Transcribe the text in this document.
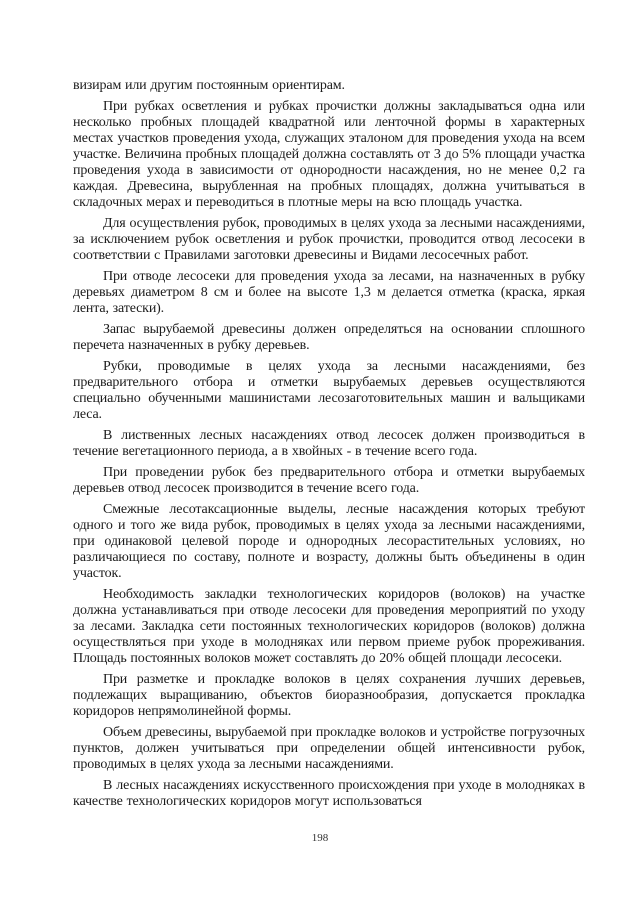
визирам или другим постоянным ориентирам.

При рубках осветления и рубках прочистки должны закладываться одна или несколько пробных площадей квадратной или ленточной формы в характерных местах участков проведения ухода, служащих эталоном для проведения ухода на всем участке. Величина пробных площадей должна составлять от 3 до 5% площади участка проведения ухода в зависимости от однородности насаждения, но не менее 0,2 га каждая. Древесина, вырубленная на пробных площадях, должна учитываться в складочных мерах и переводиться в плотные меры на всю площадь участка.

Для осуществления рубок, проводимых в целях ухода за лесными насаждениями, за исключением рубок осветления и рубок прочистки, проводится отвод лесосеки в соответствии с Правилами заготовки древесины и Видами лесосечных работ.

При отводе лесосеки для проведения ухода за лесами, на назначенных в рубку деревьях диаметром 8 см и более на высоте 1,3 м делается отметка (краска, яркая лента, затески).

Запас вырубаемой древесины должен определяться на основании сплошного перечета назначенных в рубку деревьев.

Рубки, проводимые в целях ухода за лесными насаждениями, без предварительного отбора и отметки вырубаемых деревьев осуществляются специально обученными машинистами лесозаготовительных машин и вальщиками леса.

В лиственных лесных насаждениях отвод лесосек должен производиться в течение вегетационного периода, а в хвойных - в течение всего года.

При проведении рубок без предварительного отбора и отметки вырубаемых деревьев отвод лесосек производится в течение всего года.

Смежные лесотаксационные выделы, лесные насаждения которых требуют одного и того же вида рубок, проводимых в целях ухода за лесными насаждениями, при одинаковой целевой породе и однородных лесорастительных условиях, но различающиеся по составу, полноте и возрасту, должны быть объединены в один участок.

Необходимость закладки технологических коридоров (волоков) на участке должна устанавливаться при отводе лесосеки для проведения мероприятий по уходу за лесами. Закладка сети постоянных технологических коридоров (волоков) должна осуществляться при уходе в молодняках или первом приеме рубок прореживания. Площадь постоянных волоков может составлять до 20% общей площади лесосеки.

При разметке и прокладке волоков в целях сохранения лучших деревьев, подлежащих выращиванию, объектов биоразнообразия, допускается прокладка коридоров непрямолинейной формы.

Объем древесины, вырубаемой при прокладке волоков и устройстве погрузочных пунктов, должен учитываться при определении общей интенсивности рубок, проводимых в целях ухода за лесными насаждениями.

В лесных насаждениях искусственного происхождения при уходе в молодняках в качестве технологических коридоров могут использоваться

198
